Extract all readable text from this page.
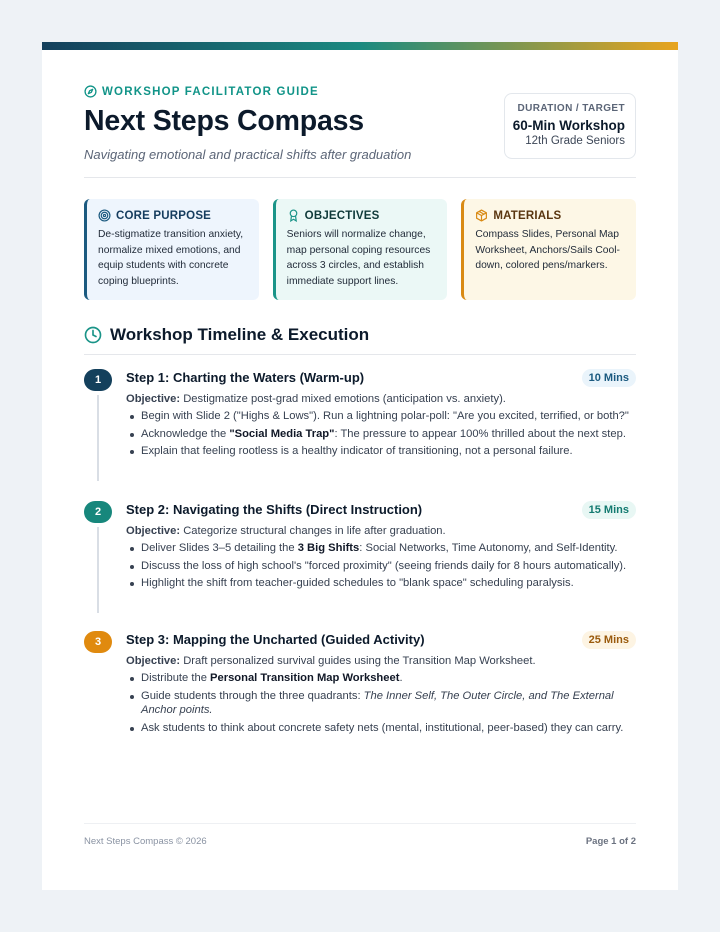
WORKSHOP FACILITATOR GUIDE
Next Steps Compass
Navigating emotional and practical shifts after graduation
DURATION / TARGET
60-Min Workshop
12th Grade Seniors
CORE PURPOSE
De-stigmatize transition anxiety, normalize mixed emotions, and equip students with concrete coping blueprints.
OBJECTIVES
Seniors will normalize change, map personal coping resources across 3 circles, and establish immediate support lines.
MATERIALS
Compass Slides, Personal Map Worksheet, Anchors/Sails Cool-down, colored pens/markers.
Workshop Timeline & Execution
1	Step 1: Charting the Waters (Warm-up)	10 Mins
Objective: Destigmatize post-grad mixed emotions (anticipation vs. anxiety).
Begin with Slide 2 ("Highs & Lows"). Run a lightning polar-poll: "Are you excited, terrified, or both?"
Acknowledge the "Social Media Trap": The pressure to appear 100% thrilled about the next step.
Explain that feeling rootless is a healthy indicator of transitioning, not a personal failure.
2	Step 2: Navigating the Shifts (Direct Instruction)	15 Mins
Objective: Categorize structural changes in life after graduation.
Deliver Slides 3–5 detailing the 3 Big Shifts: Social Networks, Time Autonomy, and Self-Identity.
Discuss the loss of high school's "forced proximity" (seeing friends daily for 8 hours automatically).
Highlight the shift from teacher-guided schedules to "blank space" scheduling paralysis.
3	Step 3: Mapping the Uncharted (Guided Activity)	25 Mins
Objective: Draft personalized survival guides using the Transition Map Worksheet.
Distribute the Personal Transition Map Worksheet.
Guide students through the three quadrants: The Inner Self, The Outer Circle, and The External Anchor points.
Ask students to think about concrete safety nets (mental, institutional, peer-based) they can carry.
Next Steps Compass © 2026	Page 1 of 2
